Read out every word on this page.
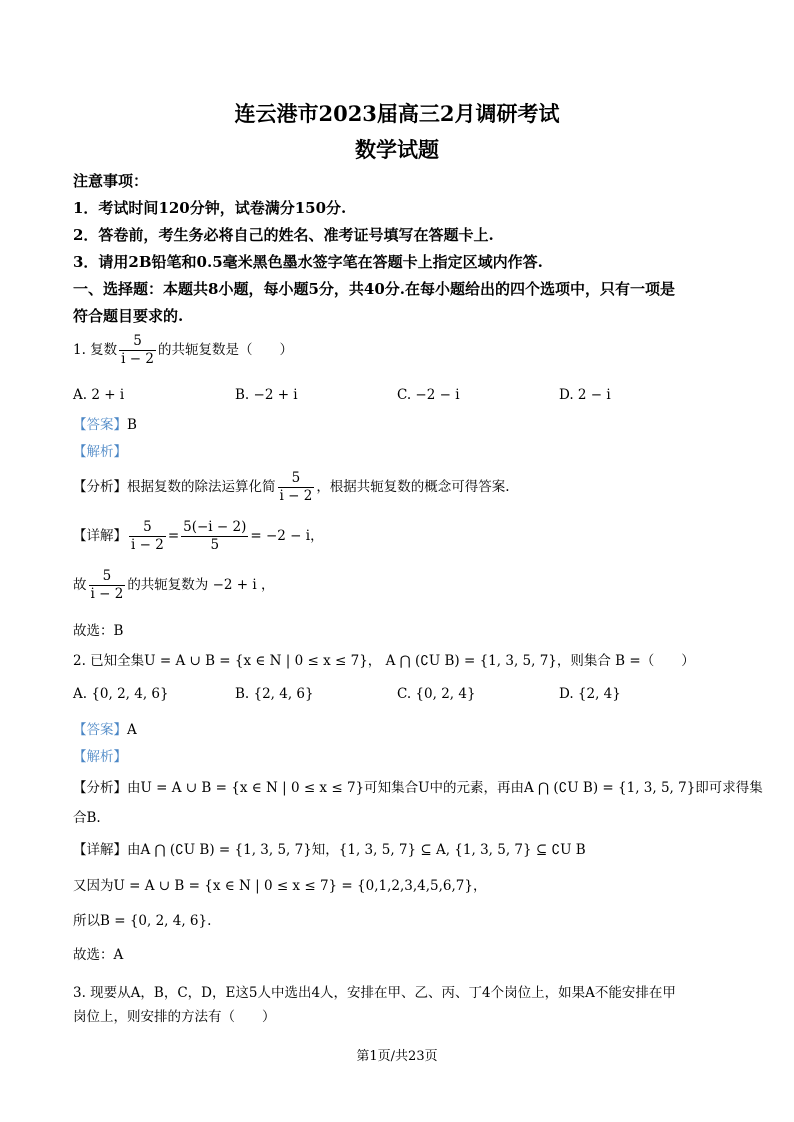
连云港市2023届高三2月调研考试
数学试题
注意事项：
1．考试时间120分钟，试卷满分150分.
2．答卷前，考生务必将自己的姓名、准考证号填写在答题卡上.
3．请用2B铅笔和0.5毫米黑色墨水签字笔在答题卡上指定区域内作答.
一、选择题：本题共8小题，每小题5分，共40分.在每小题给出的四个选项中，只有一项是
符合题目要求的.
1. 复数 $\frac{5}{i - 2}$ 的共轭复数是（　　）
A. 2 + i	B. −2 + i	C. −2 − i	D. 2 − i
【答案】B
【解析】
【分析】根据复数的除法运算化简 $\frac{5}{i - 2}$ ，根据共轭复数的概念可得答案.
【详解】 $\frac{5}{i - 2} = \frac{5(-i - 2)}{5} = -2 - i$，
故 $\frac{5}{i - 2}$ 的共轭复数为 −2 + i ，
故选：B
2. 已知全集U = A ∪ B = {x ∈ N | 0 ≤ x ≤ 7}， A ⋂ (∁U B) = {1, 3, 5, 7}，则集合 B =（　　）
A. {0, 2, 4, 6}	B. {2, 4, 6}	C. {0, 2, 4}	D. {2, 4}
【答案】A
【解析】
【分析】由U = A ∪ B = {x ∈ N | 0 ≤ x ≤ 7}可知集合U中的元素，再由A ⋂ (∁U B) = {1, 3, 5, 7}即可求得集
合B.
【详解】由A ⋂ (∁U B) = {1, 3, 5, 7}知，{1, 3, 5, 7} ⊆ A, {1, 3, 5, 7} ⊆ ∁U B
又因为U = A ∪ B = {x ∈ N | 0 ≤ x ≤ 7} = {0,1,2,3,4,5,6,7}，
所以B = {0, 2, 4, 6}.
故选：A
3. 现要从A，B，C，D，E这5人中选出4人，安排在甲、乙、丙、丁4个岗位上，如果A不能安排在甲
岗位上，则安排的方法有（　　）
第1页/共23页
